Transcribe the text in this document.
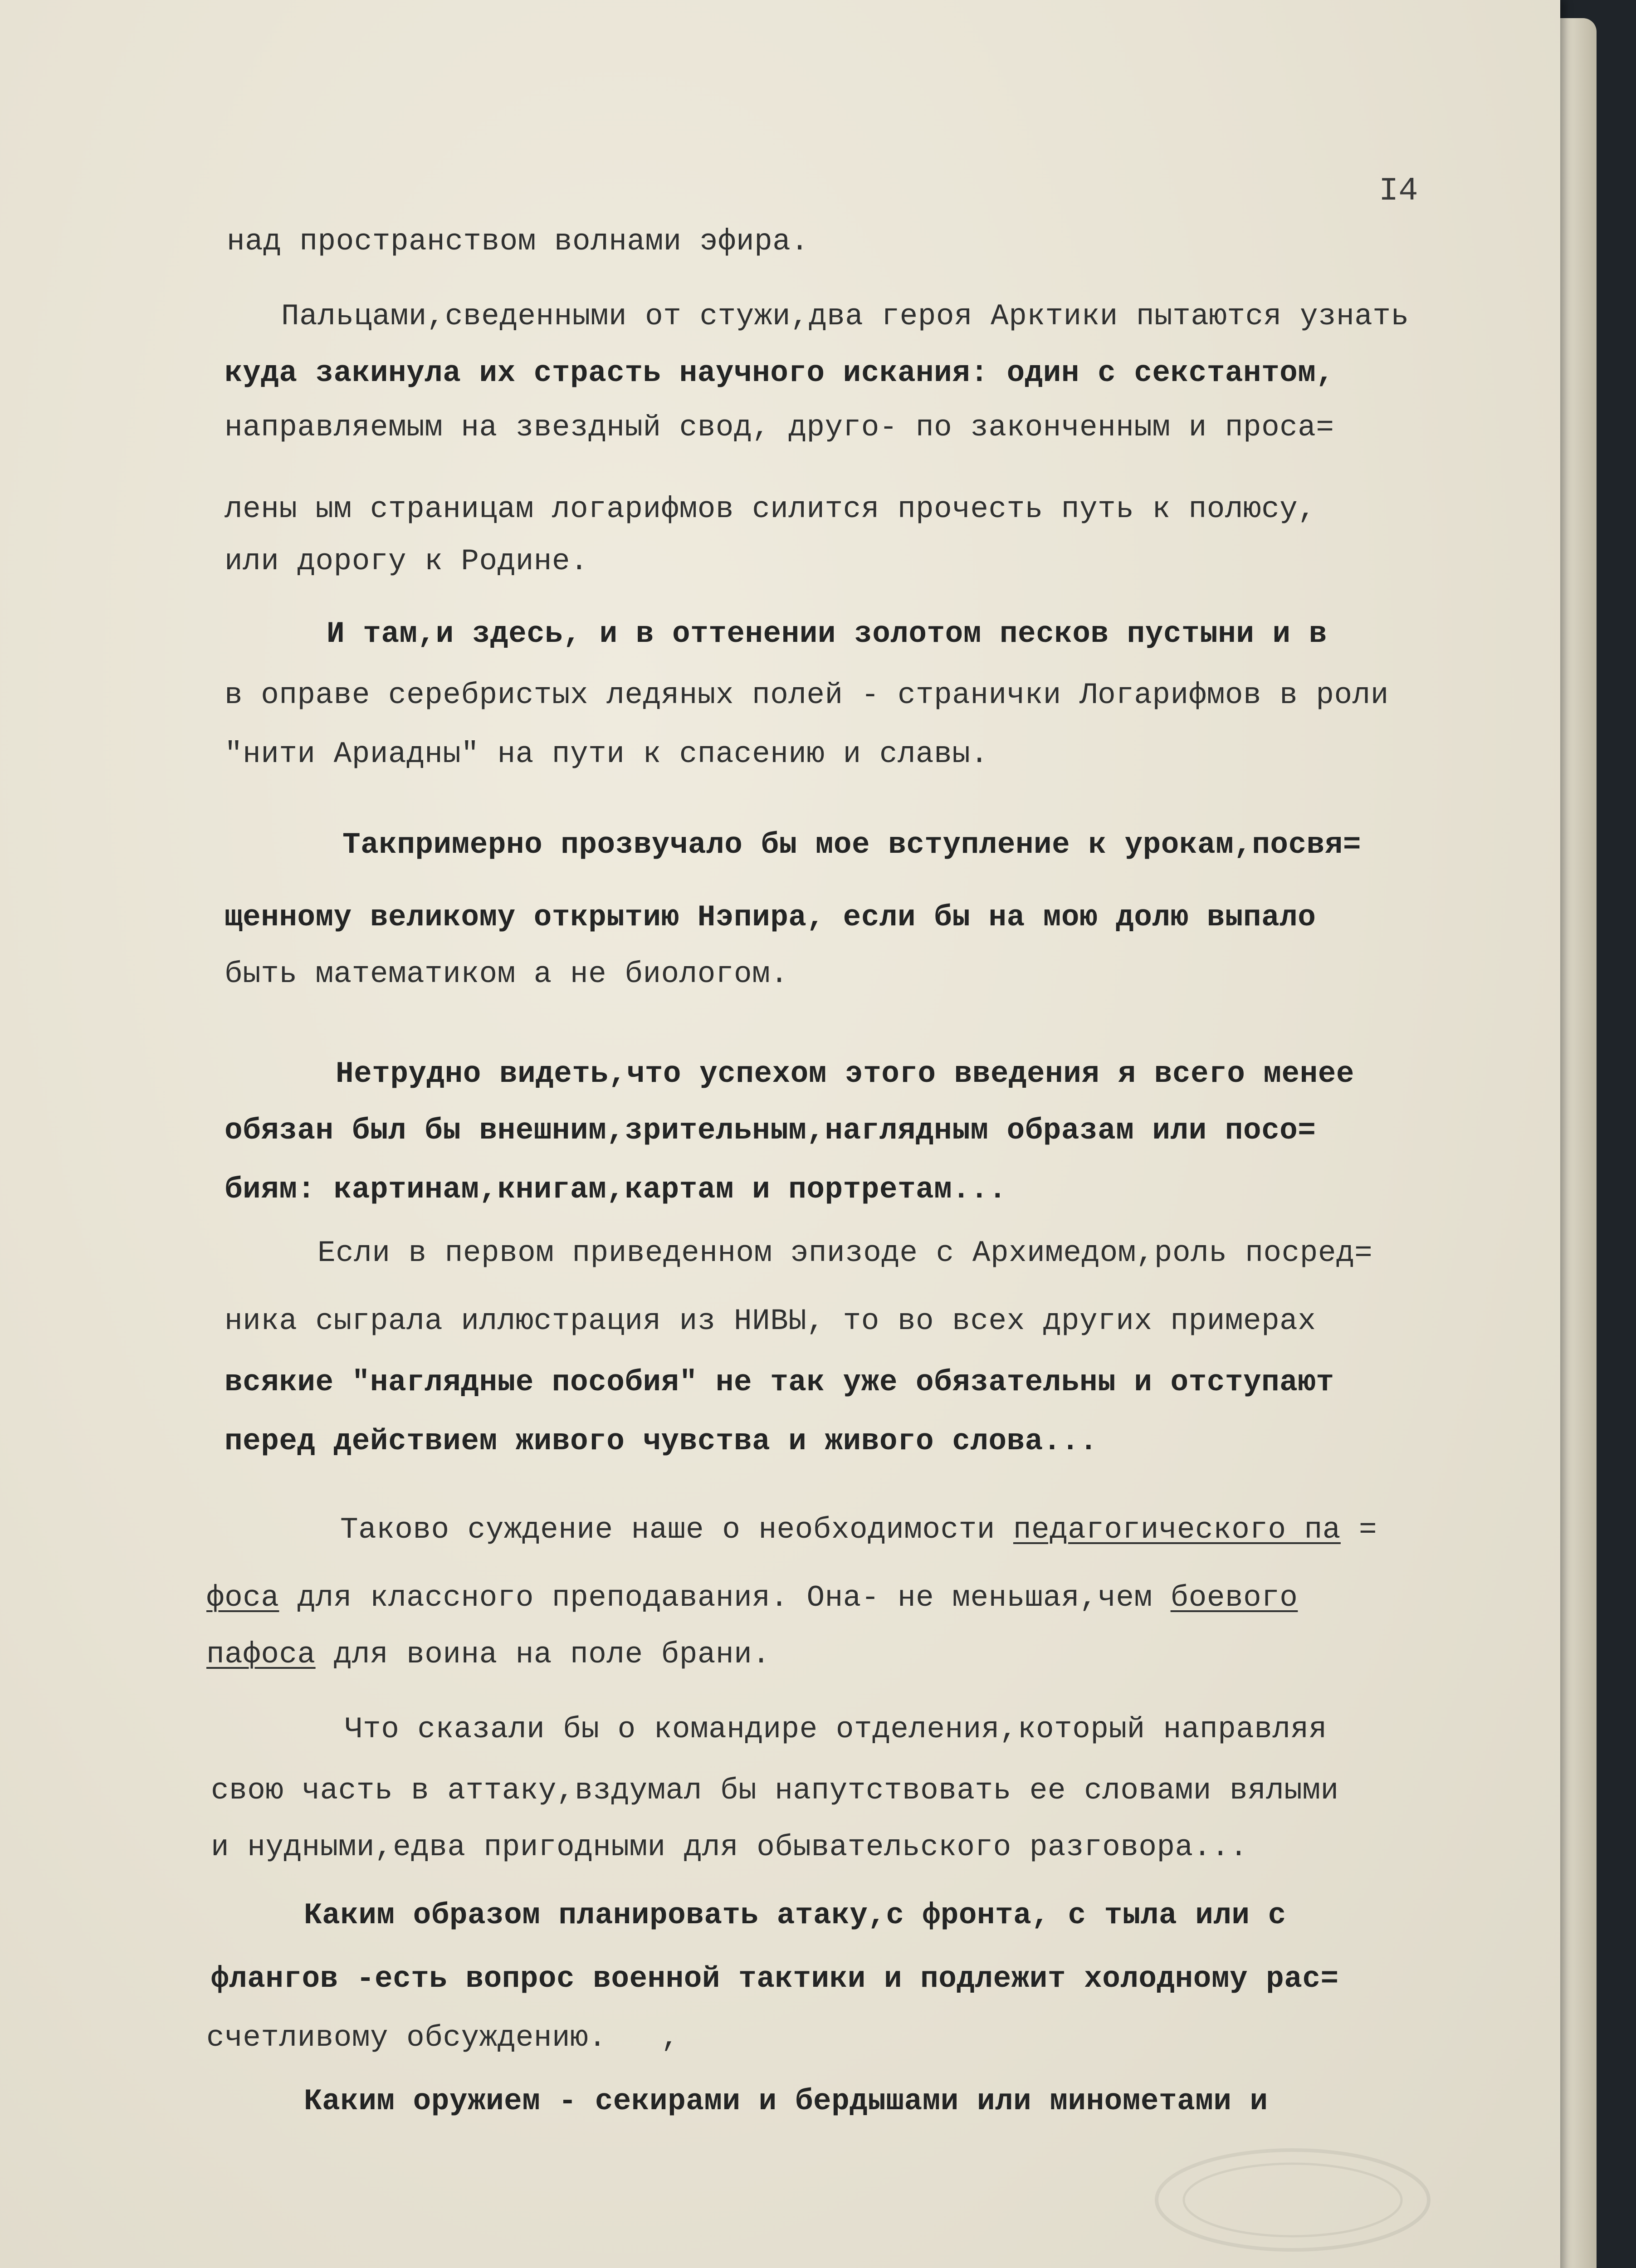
I4
над пространством волнами эфира.
Пальцами,сведенными от стужи,два героя Арктики пытаются узнать
куда закинула их страсть научного искания: один с секстантом,
направляемым на звездный свод, друго- по законченным и проса=
лены ым страницам логарифмов силится прочесть путь к полюсу,
или дорогу к Родине.
И там,и здесь, и в оттенении золотом песков пустыни и в
в оправе серебристых ледяных полей - странички Логарифмов в роли
"нити Ариадны" на пути к спасению и славы.
Такпримерно прозвучало бы мое вступление к урокам,посвя=
щенному великому открытию Нэпира, если бы на мою долю выпало
быть математиком а не биологом.
Нетрудно видеть,что успехом этого введения я всего менее
обязан был бы внешним,зрительным,наглядным образам или посо=
биям: картинам,книгам,картам и портретам...
Если в первом приведенном эпизоде с Архимедом,роль посред=
ника сыграла иллюстрация из НИВЫ, то во всех других примерах
всякие "наглядные пособия" не так уже обязательны и отступают
перед действием живого чувства и живого слова...
Таково суждение наше о необходимости педагогического па =
фоса для классного преподавания. Она- не меньшая,чем боевого
пафоса для воина на поле брани.
Что сказали бы о командире отделения,который направляя
свою часть в аттаку,вздумал бы напутствовать ее словами вялыми
и нудными,едва пригодными для обывательского разговора...
Каким образом планировать атаку,с фронта, с тыла или с
флангов -есть вопрос военной тактики и подлежит холодному рас=
счетливому обсуждению.   ,
Каким оружием - секирами и бердышами или минометами и
